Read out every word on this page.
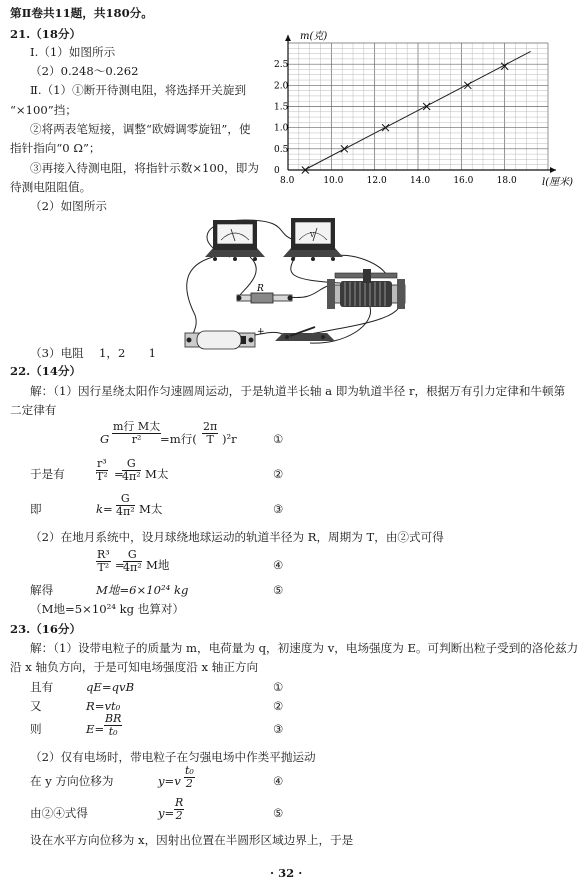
第Ⅱ卷共11题，共180分。
21.（18分）
Ⅰ.（1）如图所示
（2）0.248～0.262
Ⅱ.（1）①断开待测电阻，将选择开关旋到
“×100”挡；
②将两表笔短接，调整“欧姆调零旋钮”，使
指针指向“0 Ω”；
③再接入待测电阻，将指针示数×100，即为
待测电阻阻值。
（2）如图所示
8.0	10.0	12.0	14.0	16.0	18.0
0
0.5
1.0
1.5
2.0
2.5
m(克)
l(厘米)
V
R
+
（3）电阻　 1，2　　1
22.（14分）
解：（1）因行星绕太阳作匀速圆周运动，于是轨道半长轴 a 即为轨道半径 r，根据万有引力定律和牛顿第
二定律有
G
m行 M太
r²	=m行( $\frac{2\pi}{T} )^2r$	①
于是有	$\frac{\text{r³}}{\text{T²}}$ =
$\frac{G}{\text{4π²}}$ M太	②
即	$k= \frac{G}{\text{4π²}}$ M太	③
（2）在地月系统中，设月球绕地球运动的轨道半径为 R，周期为 T，由②式可得
$\frac{\text{R³}}{\text{T²}}$ =
$\frac{G}{\text{4π²}}$ M地	④
解得	M地=6×10²⁴ kg	⑤
（M地=5×10²⁴ kg 也算对）
23.（16分）
解：（1）设带电粒子的质量为 m，电荷量为 q，初速度为 v，电场强度为 E。可判断出粒子受到的洛伦兹力
沿 x 轴负方向，于是可知电场强度沿 x 轴正方向
且有	qE=qvB	①
又	R=vt₀	②
则	$E= \frac{BR}{\text{t₀}}$	③
（2）仅有电场时，带电粒子在匀强电场中作类平抛运动
在 y 方向位移为	$y=v \frac{\text{t₀}}{2}$	④
由②④式得	$y= \frac{R}{2}$	⑤
设在水平方向位移为 x，因射出位置在半圆形区域边界上，于是
· 32 ·
